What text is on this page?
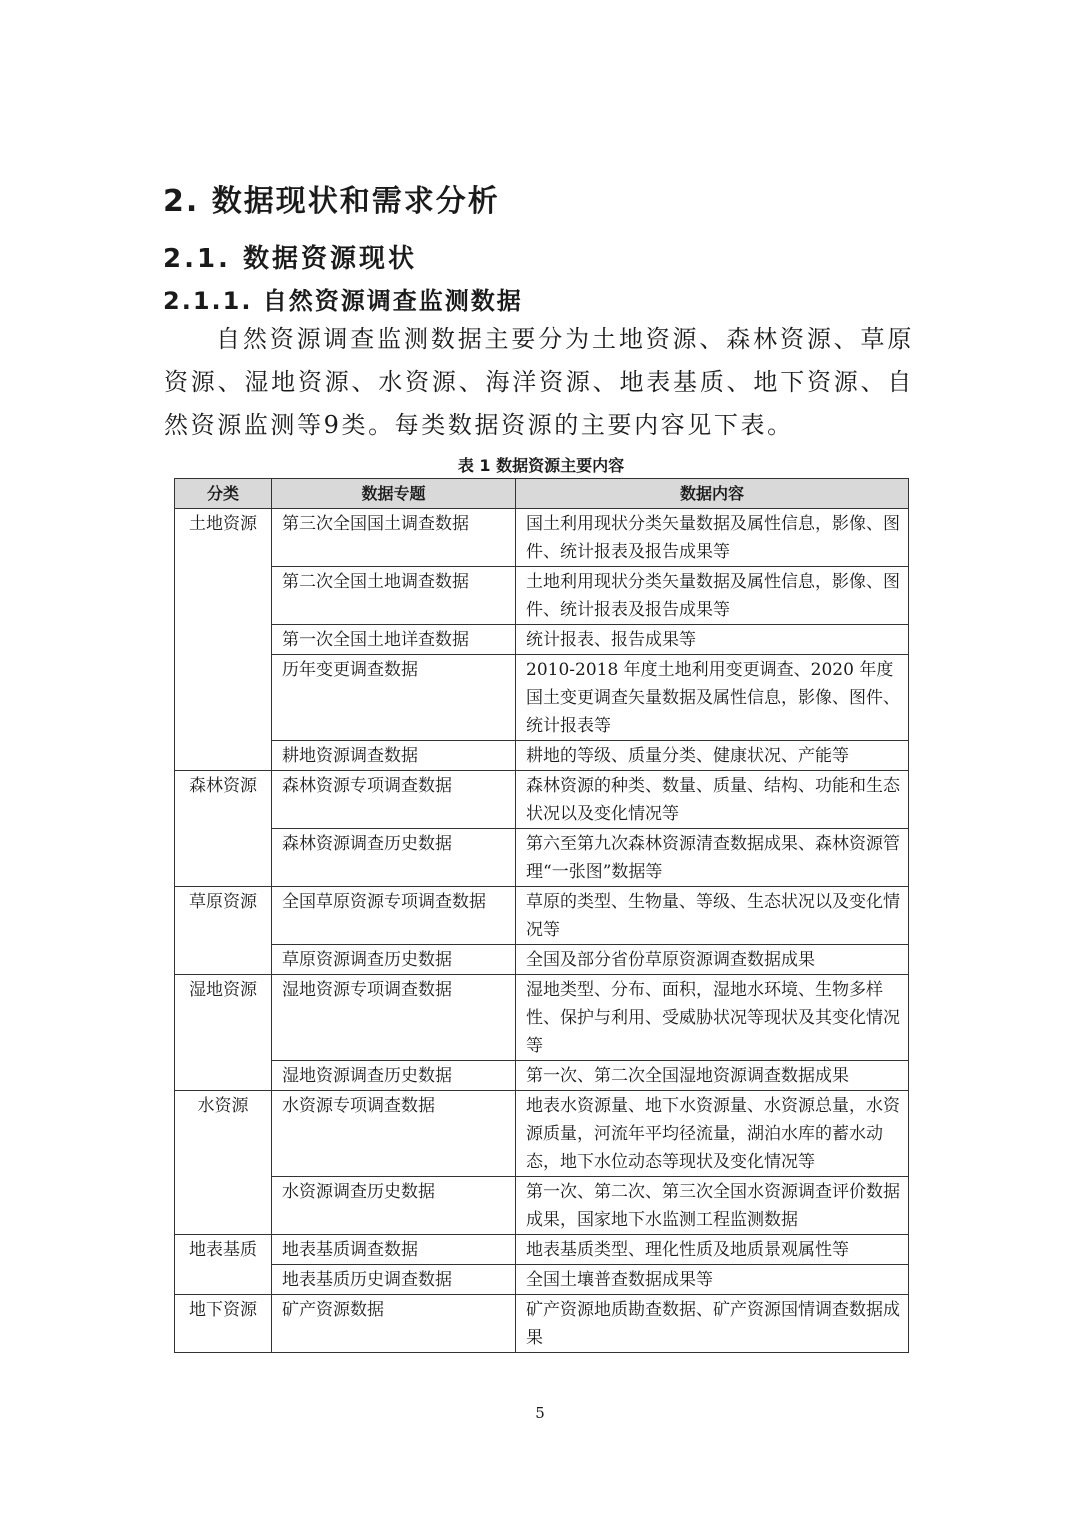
2. 数据现状和需求分析
2.1. 数据资源现状
2.1.1. 自然资源调查监测数据

自然资源调查监测数据主要分为土地资源、森林资源、草原资源、湿地资源、水资源、海洋资源、地表基质、地下资源、自然资源监测等9类。每类数据资源的主要内容见下表。

表 1 数据资源主要内容
分类	数据专题	数据内容
土地资源	第三次全国国土调查数据	国土利用现状分类矢量数据及属性信息，影像、图件、统计报表及报告成果等
	第二次全国土地调查数据	土地利用现状分类矢量数据及属性信息，影像、图件、统计报表及报告成果等
	第一次全国土地详查数据	统计报表、报告成果等
	历年变更调查数据	2010-2018 年度土地利用变更调查、2020 年度国土变更调查矢量数据及属性信息，影像、图件、统计报表等
	耕地资源调查数据	耕地的等级、质量分类、健康状况、产能等
森林资源	森林资源专项调查数据	森林资源的种类、数量、质量、结构、功能和生态状况以及变化情况等
	森林资源调查历史数据	第六至第九次森林资源清查数据成果、森林资源管理“一张图”数据等
草原资源	全国草原资源专项调查数据	草原的类型、生物量、等级、生态状况以及变化情况等
	草原资源调查历史数据	全国及部分省份草原资源调查数据成果
湿地资源	湿地资源专项调查数据	湿地类型、分布、面积，湿地水环境、生物多样性、保护与利用、受威胁状况等现状及其变化情况等
	湿地资源调查历史数据	第一次、第二次全国湿地资源调查数据成果
水资源	水资源专项调查数据	地表水资源量、地下水资源量、水资源总量，水资源质量，河流年平均径流量，湖泊水库的蓄水动态，地下水位动态等现状及变化情况等
	水资源调查历史数据	第一次、第二次、第三次全国水资源调查评价数据成果，国家地下水监测工程监测数据
地表基质	地表基质调查数据	地表基质类型、理化性质及地质景观属性等
	地表基质历史调查数据	全国土壤普查数据成果等
地下资源	矿产资源数据	矿产资源地质勘查数据、矿产资源国情调查数据成果
5
